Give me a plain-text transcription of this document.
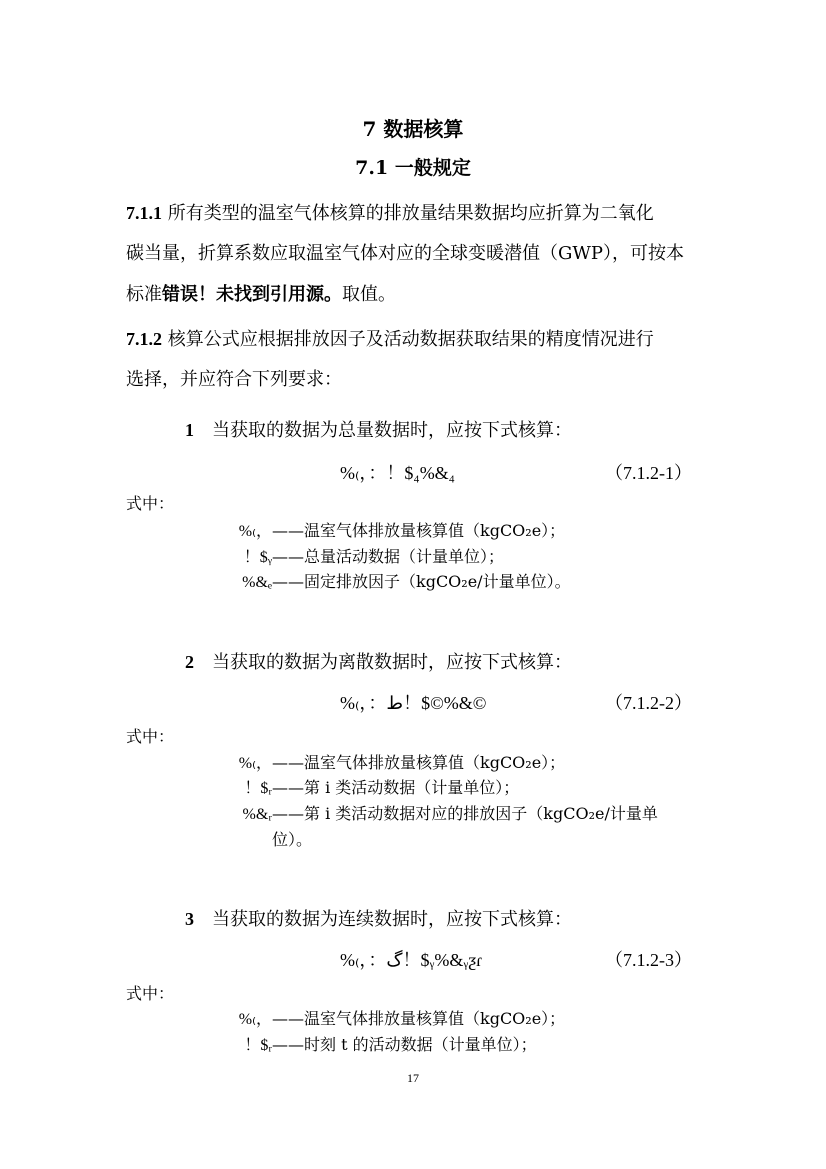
7 数据核算
7.1 一般规定
7.1.1 所有类型的温室气体核算的排放量结果数据均应折算为二氧化
碳当量，折算系数应取温室气体对应的全球变暖潜值（GWP），可按本
标准错误！未找到引用源。取值。
7.1.2 核算公式应根据排放因子及活动数据获取结果的精度情况进行
选择，并应符合下列要求：
1 当获取的数据为总量数据时，应按下式核算：
%₍，：！$₄%&₄	（7.1.2-1）
式中：
%₍，——温室气体排放量核算值（kgCO₂e）；
！$ᵧ——总量活动数据（计量单位）；
%&ₑ——固定排放因子（kgCO₂e/计量单位）。
2 当获取的数据为离散数据时，应按下式核算：
%₍，：ط！$©%&©	（7.1.2-2）
式中：
%₍，——温室气体排放量核算值（kgCO₂e）；
！$ᵣ——第 i 类活动数据（计量单位）；
%&ᵣ——第 i 类活动数据对应的排放因子（kgCO₂e/计量单
位）。
3 当获取的数据为连续数据时，应按下式核算：
%₍，：گ！$ᵧ%&ᵧƺɾ	（7.1.2-3）
式中：
%₍，——温室气体排放量核算值（kgCO₂e）；
！$ᵣ——时刻 t 的活动数据（计量单位）；
17
